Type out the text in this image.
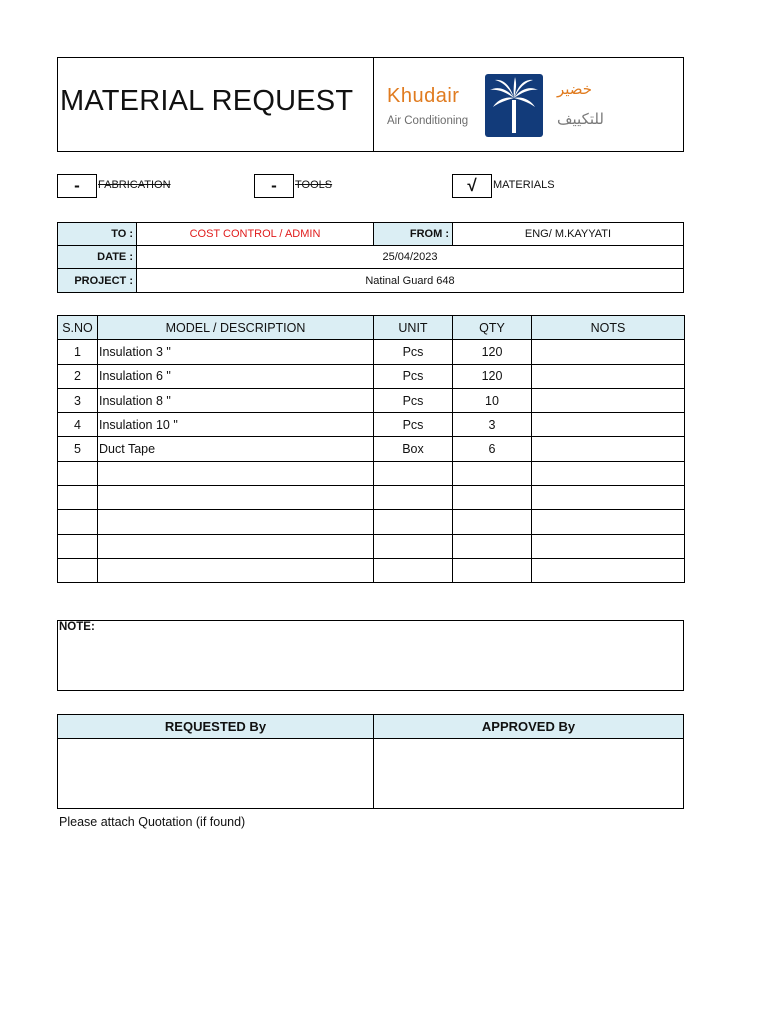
MATERIAL REQUEST Khudair
Air Conditioning
خضير
للتكييف
-	FABRICATION	-	TOOLS	√	MATERIALS
TO :	COST CONTROL / ADMIN	FROM :	ENG/ M.KAYYATI
DATE :	25/04/2023
PROJECT :	Natinal Guard 648
S.NO	MODEL / DESCRIPTION	UNIT	QTY	NOTS
1	Insulation 3 "	Pcs	120	
2	Insulation 6 "	Pcs	120	
3	Insulation 8 "	Pcs	10	
4	Insulation 10 "	Pcs	3	
5	Duct Tape	Box	6	

NOTE:
REQUESTED By	APPROVED By
Please attach Quotation (if found)
